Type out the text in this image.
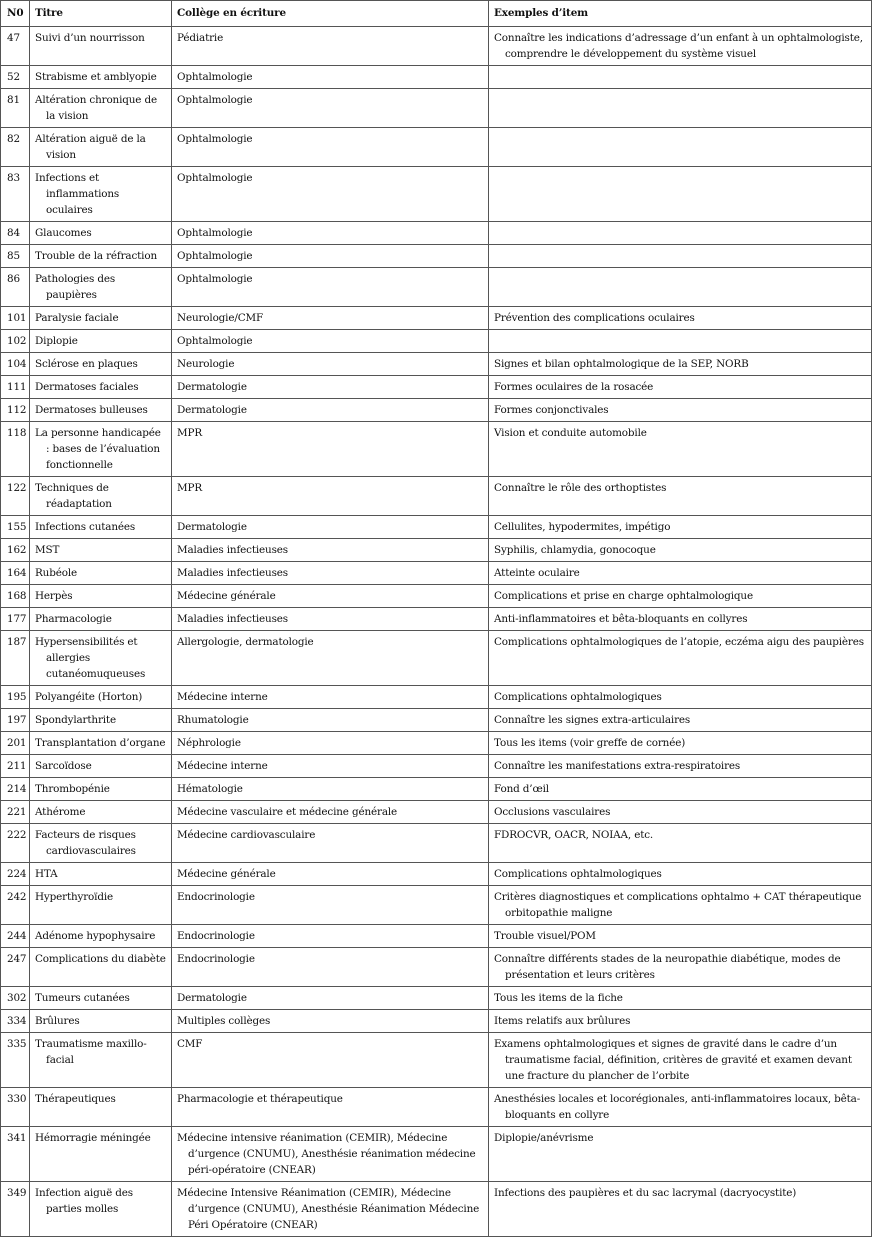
N0	Titre	Collège en écriture	Exemples d’item
47	Suivi d’un nourrisson	Pédiatrie	Connaître les indications d’adressage d’un enfant à un ophtalmologiste, comprendre le développement du système visuel
52	Strabisme et amblyopie	Ophtalmologie	
81	Altération chronique de la vision	Ophtalmologie	
82	Altération aiguë de la vision	Ophtalmologie	
83	Infections et inflammations oculaires	Ophtalmologie	
84	Glaucomes	Ophtalmologie	
85	Trouble de la réfraction	Ophtalmologie	
86	Pathologies des paupières	Ophtalmologie	
101	Paralysie faciale	Neurologie/CMF	Prévention des complications oculaires
102	Diplopie	Ophtalmologie	
104	Sclérose en plaques	Neurologie	Signes et bilan ophtalmologique de la SEP, NORB
111	Dermatoses faciales	Dermatologie	Formes oculaires de la rosacée
112	Dermatoses bulleuses	Dermatologie	Formes conjonctivales
118	La personne handicapée : bases de l’évaluation fonctionnelle	MPR	Vision et conduite automobile
122	Techniques de réadaptation	MPR	Connaître le rôle des orthoptistes
155	Infections cutanées	Dermatologie	Cellulites, hypodermites, impétigo
162	MST	Maladies infectieuses	Syphilis, chlamydia, gonocoque
164	Rubéole	Maladies infectieuses	Atteinte oculaire
168	Herpès	Médecine générale	Complications et prise en charge ophtalmologique
177	Pharmacologie	Maladies infectieuses	Anti-inflammatoires et bêta-bloquants en collyres
187	Hypersensibilités et allergies cutanéomuqueuses	Allergologie, dermatologie	Complications ophtalmologiques de l’atopie, eczéma aigu des paupières
195	Polyangéite (Horton)	Médecine interne	Complications ophtalmologiques
197	Spondylarthrite	Rhumatologie	Connaître les signes extra-articulaires
201	Transplantation d’organe	Néphrologie	Tous les items (voir greffe de cornée)
211	Sarcoïdose	Médecine interne	Connaître les manifestations extra-respiratoires
214	Thrombopénie	Hématologie	Fond d’œil
221	Athérome	Médecine vasculaire et médecine générale	Occlusions vasculaires
222	Facteurs de risques cardiovasculaires	Médecine cardiovasculaire	FDROCVR, OACR, NOIAA, etc.
224	HTA	Médecine générale	Complications ophtalmologiques
242	Hyperthyroïdie	Endocrinologie	Critères diagnostiques et complications ophtalmo + CAT thérapeutique orbitopathie maligne
244	Adénome hypophysaire	Endocrinologie	Trouble visuel/POM
247	Complications du diabète	Endocrinologie	Connaître différents stades de la neuropathie diabétique, modes de présentation et leurs critères
302	Tumeurs cutanées	Dermatologie	Tous les items de la fiche
334	Brûlures	Multiples collèges	Items relatifs aux brûlures
335	Traumatisme maxillo-facial	CMF	Examens ophtalmologiques et signes de gravité dans le cadre d’un traumatisme facial, définition, critères de gravité et examen devant une fracture du plancher de l’orbite
330	Thérapeutiques	Pharmacologie et thérapeutique	Anesthésies locales et locorégionales, anti-inflammatoires locaux, bêta-bloquants en collyre
341	Hémorragie méningée	Médecine intensive réanimation (CEMIR), Médecine d’urgence (CNUMU), Anesthésie réanimation médecine péri-opératoire (CNEAR)	Diplopie/anévrisme
349	Infection aiguë des parties molles	Médecine Intensive Réanimation (CEMIR), Médecine d’urgence (CNUMU), Anesthésie Réanimation Médecine Péri Opératoire (CNEAR)	Infections des paupières et du sac lacrymal (dacryocystite)
